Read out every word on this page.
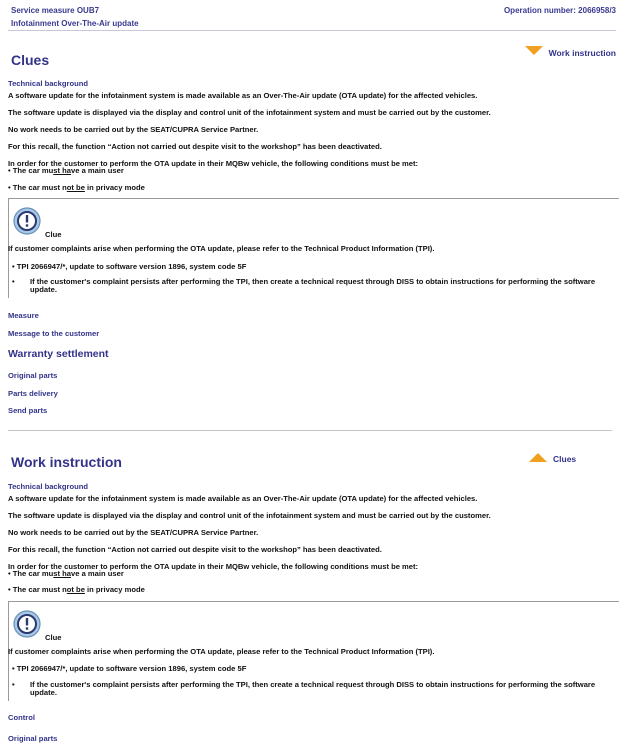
Service measure OUB7
Infotainment Over-The-Air update
Operation number: 2066958/3
Clues	Work instruction
Technical background
A software update for the infotainment system is made available as an Over-The-Air update (OTA update) for the affected vehicles.
The software update is displayed via the display and control unit of the infotainment system and must be carried out by the customer.
No work needs to be carried out by the SEAT/CUPRA Service Partner.
For this recall, the function “Action not carried out despite visit to the workshop” has been deactivated.
In order for the customer to perform the OTA update in their MQBw vehicle, the following conditions must be met:
• The car must have a main user
• The car must not be in privacy mode
Clue
If customer complaints arise when performing the OTA update, please refer to the Technical Product Information (TPI).
• TPI 2066947/*, update to software version 1896, system code 5F
• If the customer's complaint persists after performing the TPI, then create a technical request through DISS to obtain instructions for performing the software
update.
Measure
Message to the customer
Warranty settlement
Original parts
Parts delivery
Send parts
Work instruction	Clues
Technical background
A software update for the infotainment system is made available as an Over-The-Air update (OTA update) for the affected vehicles.
The software update is displayed via the display and control unit of the infotainment system and must be carried out by the customer.
No work needs to be carried out by the SEAT/CUPRA Service Partner.
For this recall, the function “Action not carried out despite visit to the workshop” has been deactivated.
In order for the customer to perform the OTA update in their MQBw vehicle, the following conditions must be met:
• The car must have a main user
• The car must not be in privacy mode
Clue
If customer complaints arise when performing the OTA update, please refer to the Technical Product Information (TPI).
• TPI 2066947/*, update to software version 1896, system code 5F
• If the customer's complaint persists after performing the TPI, then create a technical request through DISS to obtain instructions for performing the software
update.
Control
Original parts
